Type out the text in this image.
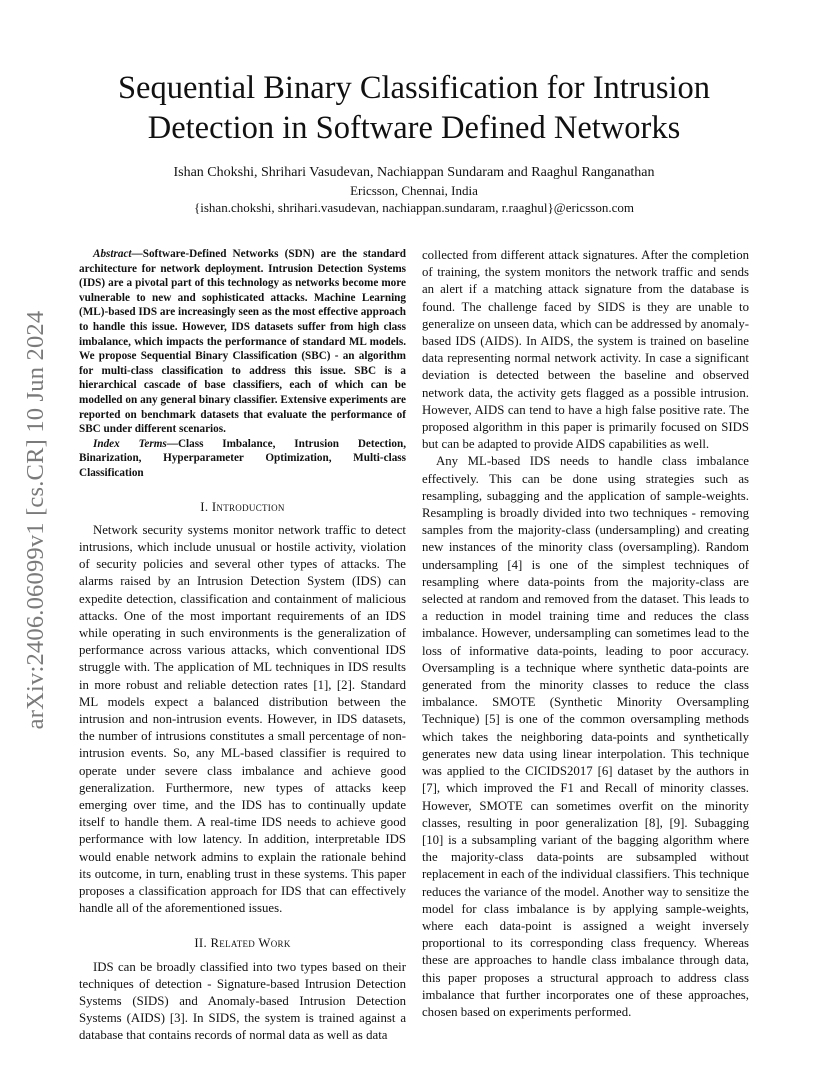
arXiv:2406.06099v1 [cs.CR] 10 Jun 2024
Sequential Binary Classification for Intrusion Detection in Software Defined Networks
Ishan Chokshi, Shrihari Vasudevan, Nachiappan Sundaram and Raaghul Ranganathan
Ericsson, Chennai, India
{ishan.chokshi, shrihari.vasudevan, nachiappan.sundaram, r.raaghul}@ericsson.com

Abstract—Software-Defined Networks (SDN) are the standard architecture for network deployment. Intrusion Detection Systems (IDS) are a pivotal part of this technology as networks become more vulnerable to new and sophisticated attacks. Machine Learning (ML)-based IDS are increasingly seen as the most effective approach to handle this issue. However, IDS datasets suffer from high class imbalance, which impacts the performance of standard ML models. We propose Sequential Binary Classification (SBC) - an algorithm for multi-class classification to address this issue. SBC is a hierarchical cascade of base classifiers, each of which can be modelled on any general binary classifier. Extensive experiments are reported on benchmark datasets that evaluate the performance of SBC under different scenarios.

Index Terms—Class Imbalance, Intrusion Detection, Binarization, Hyperparameter Optimization, Multi-class Classification

I. Introduction

Network security systems monitor network traffic to detect intrusions, which include unusual or hostile activity, violation of security policies and several other types of attacks. The alarms raised by an Intrusion Detection System (IDS) can expedite detection, classification and containment of malicious attacks. One of the most important requirements of an IDS while operating in such environments is the generalization of performance across various attacks, which conventional IDS struggle with. The application of ML techniques in IDS results in more robust and reliable detection rates [1], [2]. Standard ML models expect a balanced distribution between the intrusion and non-intrusion events. However, in IDS datasets, the number of intrusions constitutes a small percentage of non-intrusion events. So, any ML-based classifier is required to operate under severe class imbalance and achieve good generalization. Furthermore, new types of attacks keep emerging over time, and the IDS has to continually update itself to handle them. A real-time IDS needs to achieve good performance with low latency. In addition, interpretable IDS would enable network admins to explain the rationale behind its outcome, in turn, enabling trust in these systems. This paper proposes a classification approach for IDS that can effectively handle all of the aforementioned issues.

II. Related Work

IDS can be broadly classified into two types based on their techniques of detection - Signature-based Intrusion Detection Systems (SIDS) and Anomaly-based Intrusion Detection Systems (AIDS) [3]. In SIDS, the system is trained against a database that contains records of normal data as well as data

collected from different attack signatures. After the completion of training, the system monitors the network traffic and sends an alert if a matching attack signature from the database is found. The challenge faced by SIDS is they are unable to generalize on unseen data, which can be addressed by anomaly-based IDS (AIDS). In AIDS, the system is trained on baseline data representing normal network activity. In case a significant deviation is detected between the baseline and observed network data, the activity gets flagged as a possible intrusion. However, AIDS can tend to have a high false positive rate. The proposed algorithm in this paper is primarily focused on SIDS but can be adapted to provide AIDS capabilities as well.

Any ML-based IDS needs to handle class imbalance effectively. This can be done using strategies such as resampling, subagging and the application of sample-weights. Resampling is broadly divided into two techniques - removing samples from the majority-class (undersampling) and creating new instances of the minority class (oversampling). Random undersampling [4] is one of the simplest techniques of resampling where data-points from the majority-class are selected at random and removed from the dataset. This leads to a reduction in model training time and reduces the class imbalance. However, undersampling can sometimes lead to the loss of informative data-points, leading to poor accuracy. Oversampling is a technique where synthetic data-points are generated from the minority classes to reduce the class imbalance. SMOTE (Synthetic Minority Oversampling Technique) [5] is one of the common oversampling methods which takes the neighboring data-points and synthetically generates new data using linear interpolation. This technique was applied to the CICIDS2017 [6] dataset by the authors in [7], which improved the F1 and Recall of minority classes. However, SMOTE can sometimes overfit on the minority classes, resulting in poor generalization [8], [9]. Subagging [10] is a subsampling variant of the bagging algorithm where the majority-class data-points are subsampled without replacement in each of the individual classifiers. This technique reduces the variance of the model. Another way to sensitize the model for class imbalance is by applying sample-weights, where each data-point is assigned a weight inversely proportional to its corresponding class frequency. Whereas these are approaches to handle class imbalance through data, this paper proposes a structural approach to address class imbalance that further incorporates one of these approaches, chosen based on experiments performed.
